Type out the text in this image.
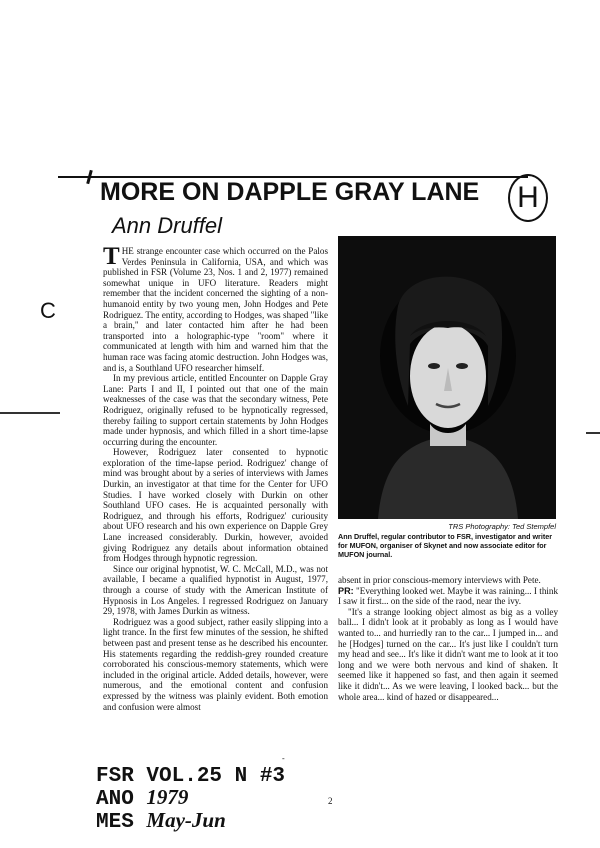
MORE ON DAPPLE GRAY LANE	H
Ann Druffel
C

THE strange encounter case which occurred on the Palos Verdes Peninsula in California, USA, and which was published in FSR (Volume 23, Nos. 1 and 2, 1977) remained somewhat unique in UFO literature. Readers might remember that the incident concerned the sighting of a non-humanoid entity by two young men, John Hodges and Pete Rodriguez. The entity, according to Hodges, was shaped "like a brain," and later contacted him after he had been transported into a holographic-type "room" where it communicated at length with him and warned him that the human race was facing atomic destruction. John Hodges was, and is, a Southland UFO researcher himself.

In my previous article, entitled Encounter on Dapple Gray Lane: Parts I and II, I pointed out that one of the main weaknesses of the case was that the secondary witness, Pete Rodriguez, originally refused to be hypnotically regressed, thereby failing to support certain statements by John Hodges made under hypnosis, and which filled in a short time-lapse occurring during the encounter.

However, Rodriguez later consented to hypnotic exploration of the time-lapse period. Rodriguez' change of mind was brought about by a series of interviews with James Durkin, an investigator at that time for the Center for UFO Studies. I have worked closely with Durkin on other Southland UFO cases. He is acquainted personally with Rodriguez, and through his efforts, Rodriguez' curiousity about UFO research and his own experience on Dapple Grey Lane increased considerably. Durkin, however, avoided giving Rodriguez any details about information obtained from Hodges through hypnotic regression.

Since our original hypnotist, W. C. McCall, M.D., was not available, I became a qualified hypnotist in August, 1977, through a course of study with the American Institute of Hypnosis in Los Angeles. I regressed Rodriguez on January 29, 1978, with James Durkin as witness.

Rodriguez was a good subject, rather easily slipping into a light trance. In the first few minutes of the session, he shifted between past and present tense as he described his encounter. His statements regarding the reddish-grey rounded creature corroborated his conscious-memory statements, which were included in the original article. Added details, however, were numerous, and the emotional content and confusion expressed by the witness was plainly evident. Both emotion and confusion were almost

TRS Photography: Ted Stempfel
Ann Druffel, regular contributor to FSR, investigator and writer for MUFON, organiser of Skynet and now associate editor for MUFON journal.

absent in prior conscious-memory interviews with Pete.

PR: "Everything looked wet. Maybe it was raining... I think I saw it first... on the side of the raod, near the ivy.

"It's a strange looking object almost as big as a volley ball... I didn't look at it probably as long as I would have wanted to... and hurriedly ran to the car... I jumped in... and he [Hodges] turned on the car... It's just like I couldn't turn my head and see... It's like it didn't want me to look at it too long and we were both nervous and kind of shaken. It seemed like it happened so fast, and then again it seemed like it didn't... As we were leaving, I looked back... but the whole area... kind of hazed or disappeared...

-
2
FSR VOL.25 N #3
ANO 1979
MES May-Jun
